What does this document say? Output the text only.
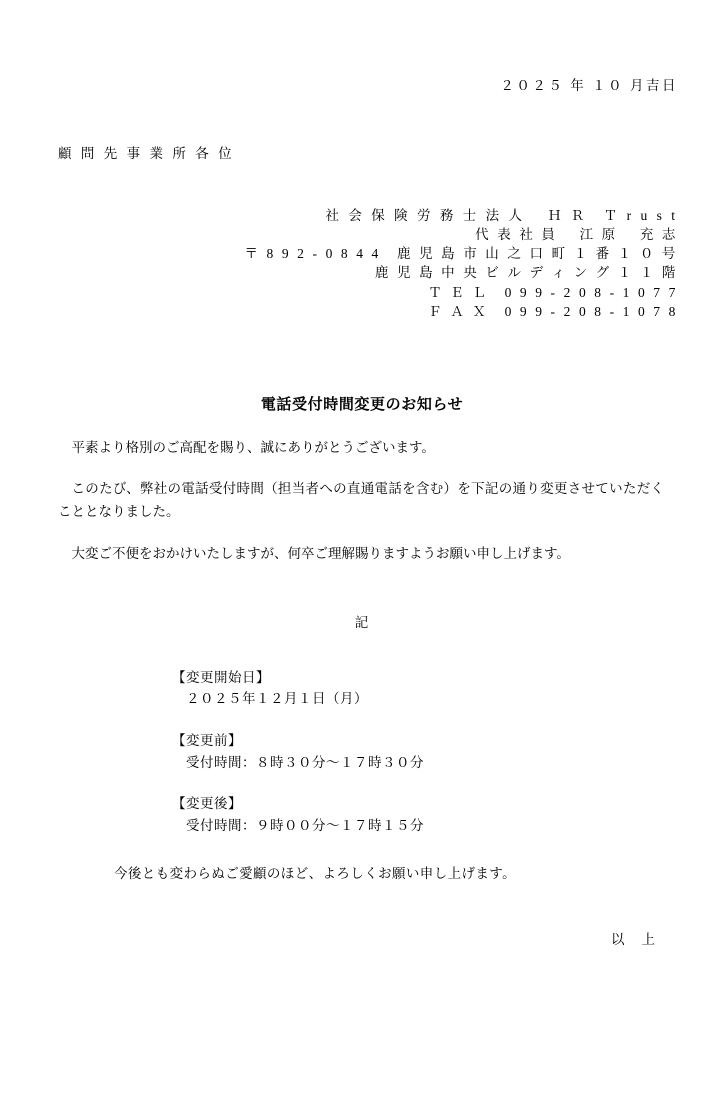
２０２５ 年 １０ 月吉日
顧 問 先 事 業 所 各 位
社 会 保 険 労 務 士 法 人　 Ｈ Ｒ　Ｔ r u s t
代 表 社 員　 江 原　 充 志
〒 8 9 2 - 0 8 4 4　鹿 児 島 市 山 之 口 町 １ 番 １ ０ 号
鹿 児 島 中 央 ビ ル デ ィ ン グ １ １ 階
Ｔ Ｅ Ｌ　0 9 9 - 2 0 8 - 1 0 7 7
Ｆ Ａ Ｘ　0 9 9 - 2 0 8 - 1 0 7 8
電話受付時間変更のお知らせ
平素より格別のご高配を賜り、誠にありがとうございます。
このたび、弊社の電話受付時間（担当者への直通電話を含む）を下記の通り変更させていただくこととなりました。
大変ご不便をおかけいたしますが、何卒ご理解賜りますようお願い申し上げます。
記
【変更開始日】
２０２５年１２月１日（月）
【変更前】
受付時間：８時３０分〜１７時３０分
【変更後】
受付時間：９時００分〜１７時１５分
今後とも変わらぬご愛顧のほど、よろしくお願い申し上げます。
以 上
